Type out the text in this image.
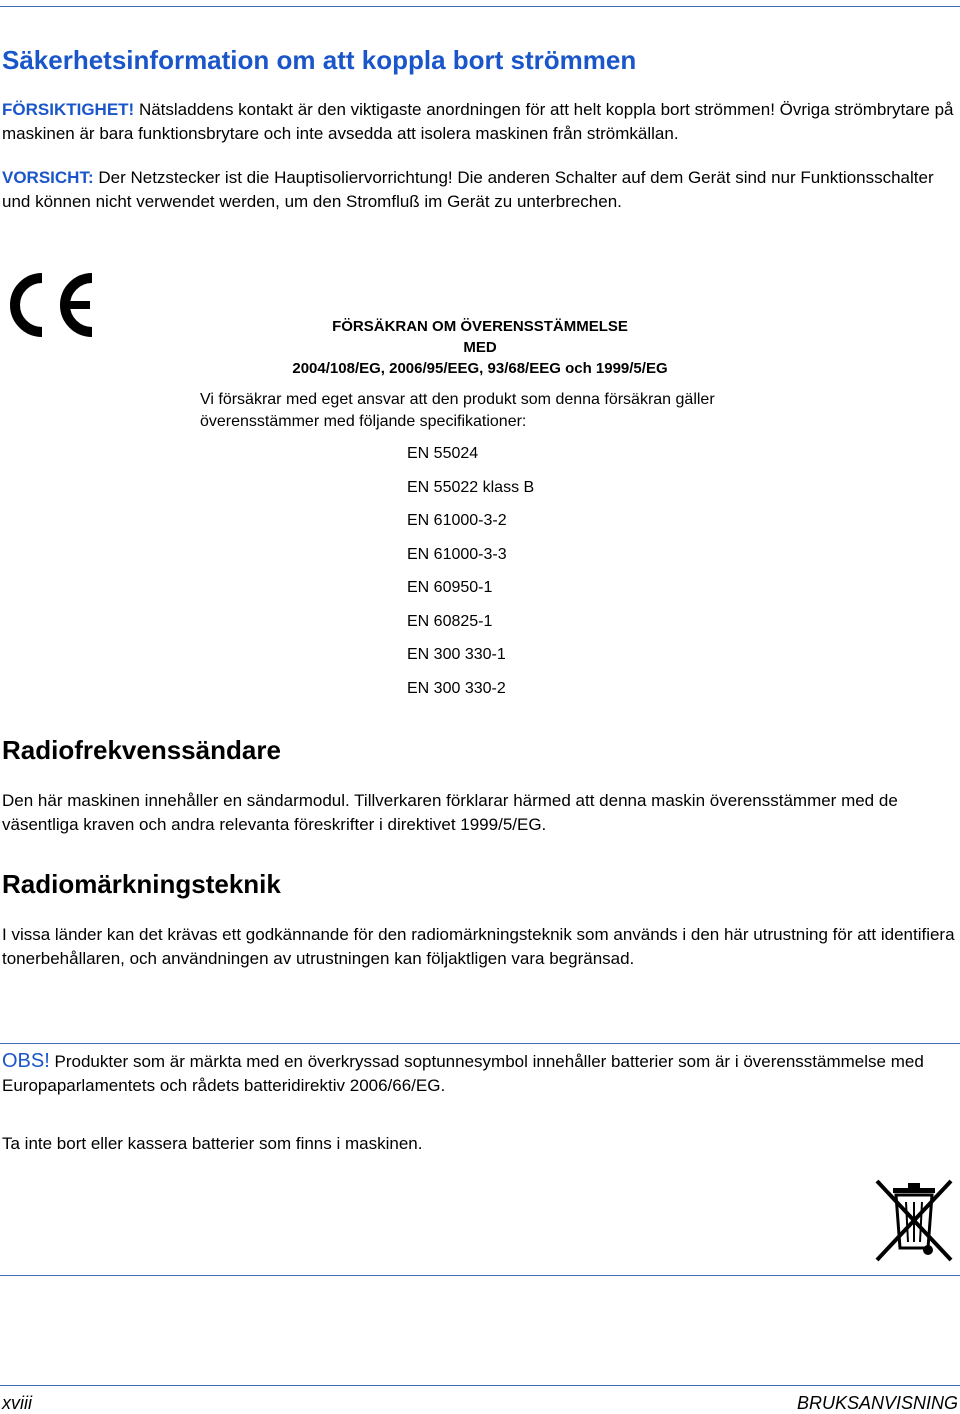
Säkerhetsinformation om att koppla bort strömmen
FÖRSIKTIGHET! Nätsladdens kontakt är den viktigaste anordningen för att helt koppla bort strömmen! Övriga strömbrytare på maskinen är bara funktionsbrytare och inte avsedda att isolera maskinen från strömkällan.
VORSICHT: Der Netzstecker ist die Hauptisoliervorrichtung! Die anderen Schalter auf dem Gerät sind nur Funktionsschalter und können nicht verwendet werden, um den Stromfluß im Gerät zu unterbrechen.
FÖRSÄKRAN OM ÖVERENSSTÄMMELSE
MED
2004/108/EG, 2006/95/EEG, 93/68/EEG och 1999/5/EG
Vi försäkrar med eget ansvar att den produkt som denna försäkran gäller överensstämmer med följande specifikationer:
EN 55024
EN 55022 klass B
EN 61000-3-2
EN 61000-3-3
EN 60950-1
EN 60825-1
EN 300 330-1
EN 300 330-2
Radiofrekvenssändare
Den här maskinen innehåller en sändarmodul. Tillverkaren förklarar härmed att denna maskin överensstämmer med de väsentliga kraven och andra relevanta föreskrifter i direktivet 1999/5/EG.
Radiomärkningsteknik
I vissa länder kan det krävas ett godkännande för den radiomärkningsteknik som används i den här utrustning för att identifiera tonerbehållaren, och användningen av utrustningen kan följaktligen vara begränsad.
OBS! Produkter som är märkta med en överkryssad soptunnesymbol innehåller batterier som är i överensstämmelse med Europaparlamentets och rådets batteridirektiv 2006/66/EG.
Ta inte bort eller kassera batterier som finns i maskinen.
xviii	BRUKSANVISNING
